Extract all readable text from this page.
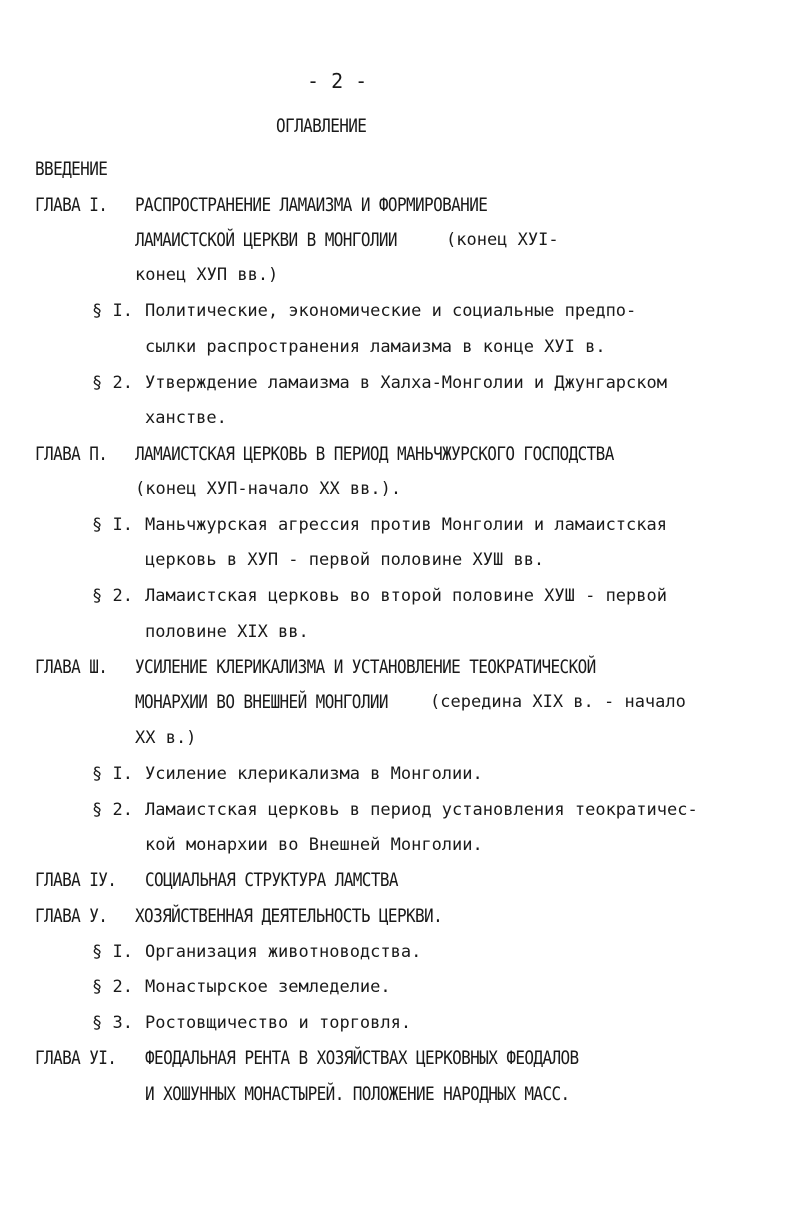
- 2 -
ОГЛАВЛЕНИЕ
ВВЕДЕНИЕ
ГЛАВА I. РАСПРОСТРАНЕНИЕ ЛАМАИЗМА И ФОРМИРОВАНИЕ
ЛАМАИСТСКОЙ ЦЕРКВИ В МОНГОЛИИ	(конец ХУI-
конец ХУП вв.)
§ I. Политические, экономические и социальные предпо-
сылки распространения ламаизма в конце ХУI в.
§ 2. Утверждение ламаизма в Халха-Монголии и Джунгарском
ханстве.
ГЛАВА П. ЛАМАИСТСКАЯ ЦЕРКОВЬ В ПЕРИОД МАНЬЧЖУРСКОГО ГОСПОДСТВА
(конец ХУП-начало XX вв.).
§ I. Маньчжурская агрессия против Монголии и ламаистская
церковь в ХУП - первой половине ХУШ вв.
§ 2. Ламаистская церковь во второй половине ХУШ - первой
половине XIX вв.
ГЛАВА Ш. УСИЛЕНИЕ КЛЕРИКАЛИЗМА И УСТАНОВЛЕНИЕ ТЕОКРАТИЧЕСКОЙ
МОНАРХИИ ВО ВНЕШНЕЙ МОНГОЛИИ (середина XIX в. - начало
XX в.)
§ I. Усиление клерикализма в Монголии.
§ 2. Ламаистская церковь в период установления теократичес-
кой монархии во Внешней Монголии.
ГЛАВА IУ. СОЦИАЛЬНАЯ СТРУКТУРА ЛАМСТВА
ГЛАВА У. ХОЗЯЙСТВЕННАЯ ДЕЯТЕЛЬНОСТЬ ЦЕРКВИ.
§ I. Организация животноводства.
§ 2. Монастырское земледелие.
§ 3. Ростовщичество и торговля.
ГЛАВА УI. ФЕОДАЛЬНАЯ РЕНТА В ХОЗЯЙСТВАХ ЦЕРКОВНЫХ ФЕОДАЛОВ
И ХОШУННЫХ МОНАСТЫРЕЙ. ПОЛОЖЕНИЕ НАРОДНЫХ МАСС.
